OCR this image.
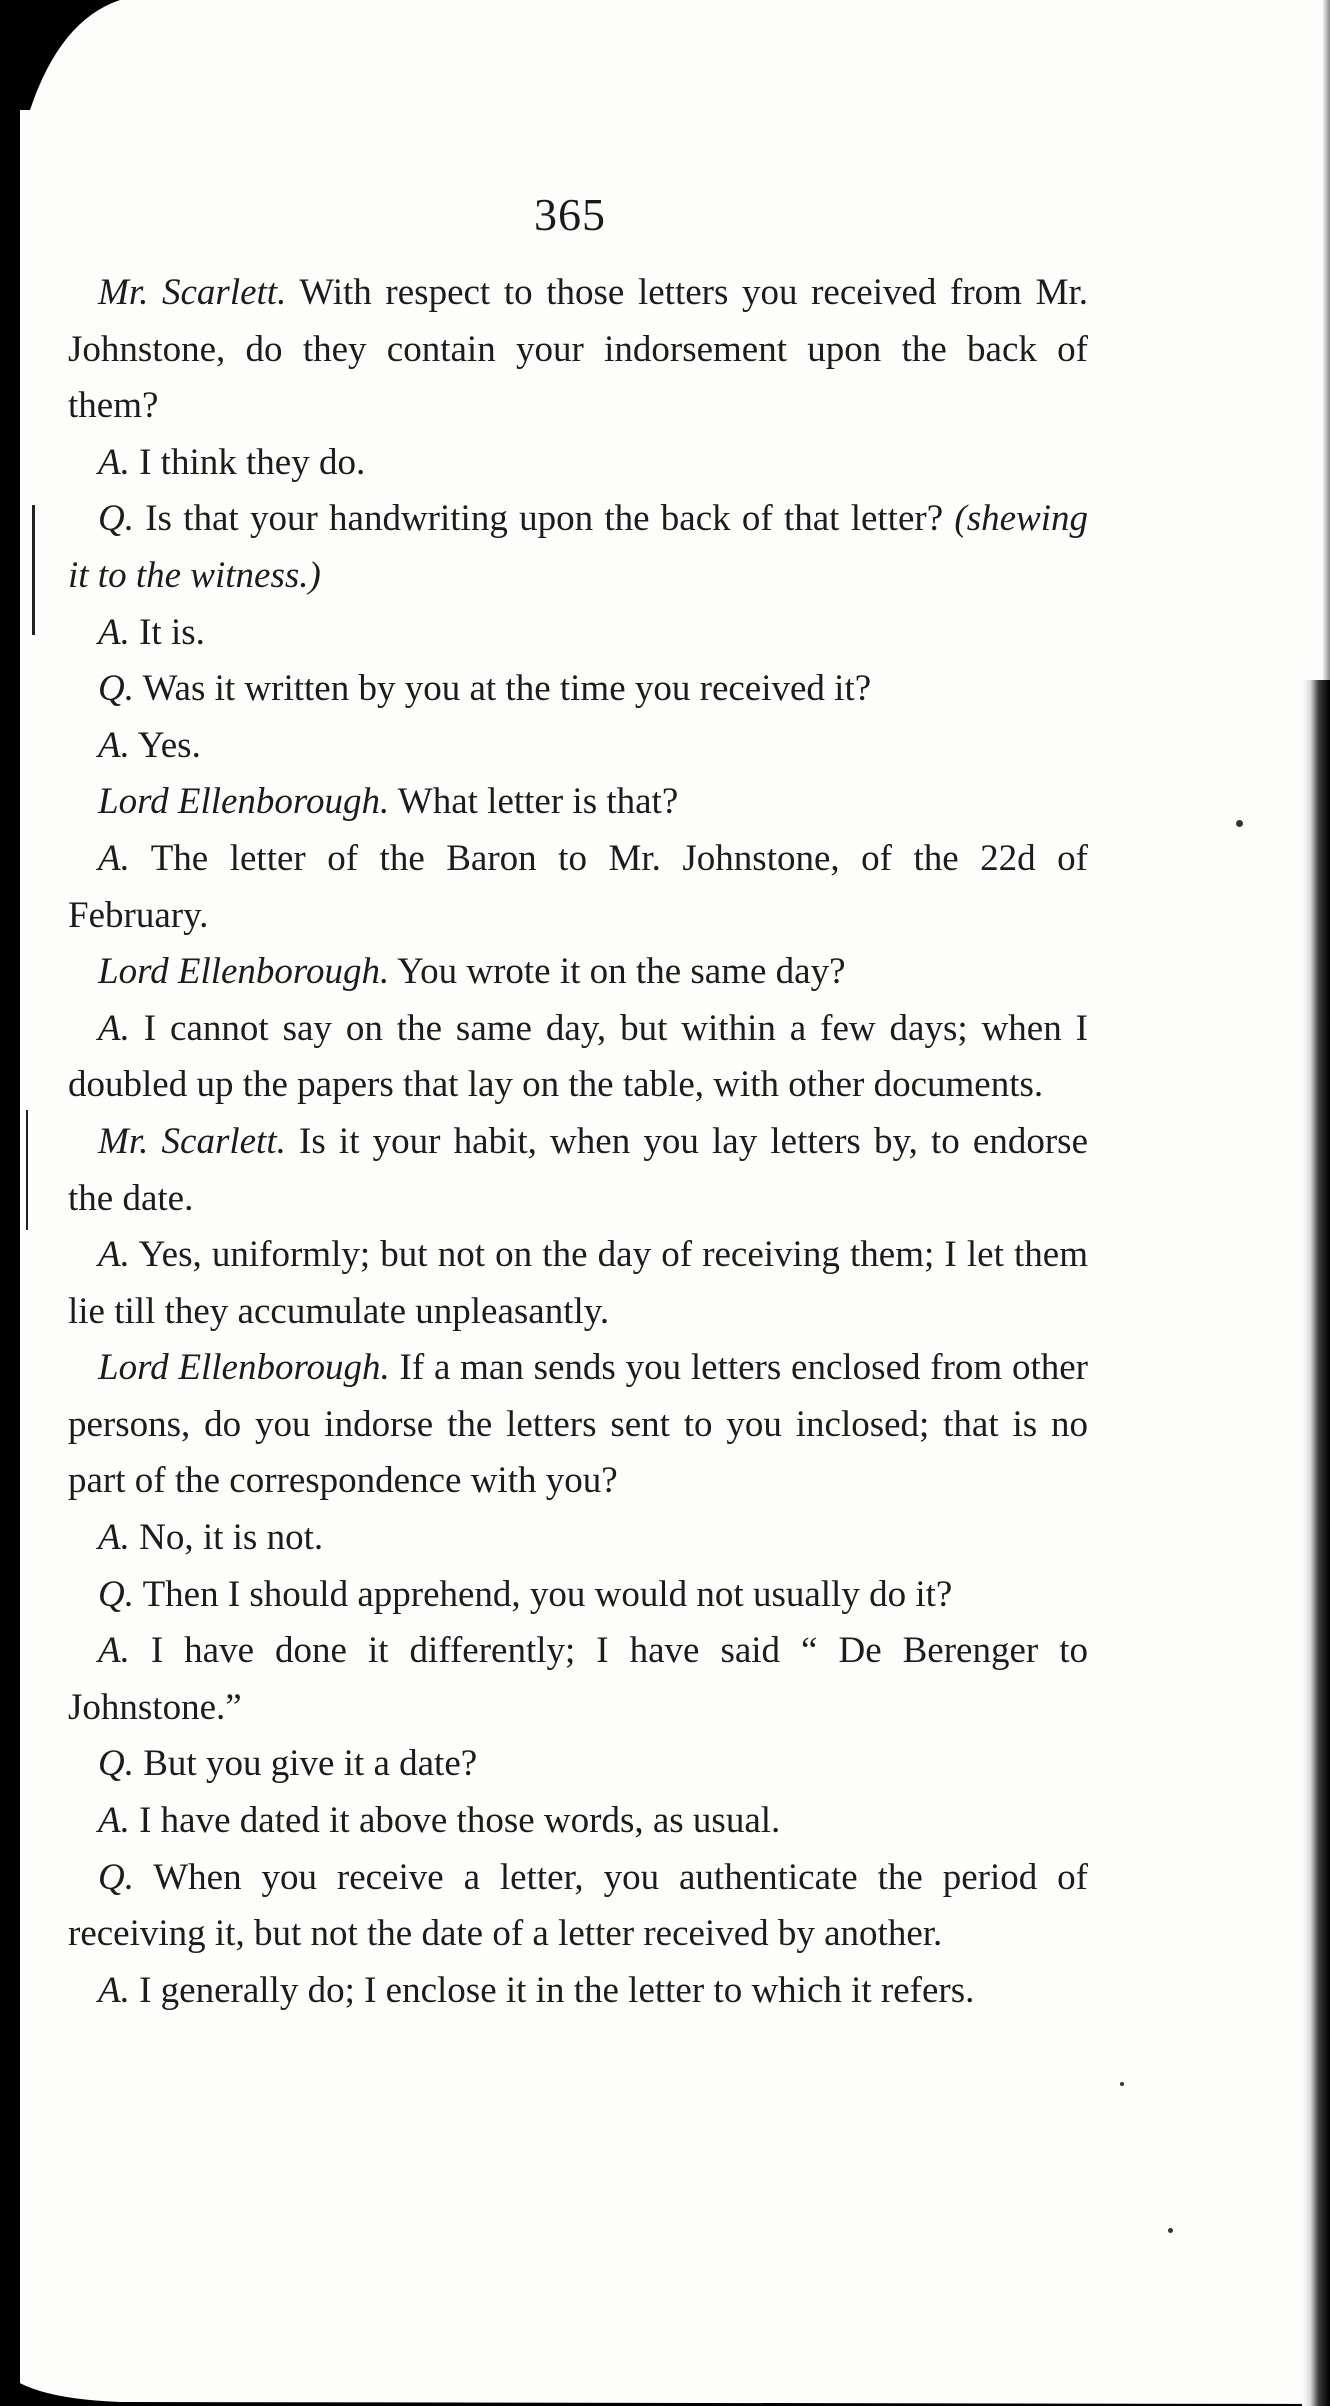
365

Mr. Scarlett. With respect to those letters you received from Mr. Johnstone, do they contain your indorsement upon the back of them?

A. I think they do.

Q. Is that your handwriting upon the back of that letter? (shewing it to the witness.)

A. It is.

Q. Was it written by you at the time you received it?

A. Yes.

Lord Ellenborough. What letter is that?

A. The letter of the Baron to Mr. Johnstone, of the 22d of February.

Lord Ellenborough. You wrote it on the same day?

A. I cannot say on the same day, but within a few days; when I doubled up the papers that lay on the table, with other documents.

Mr. Scarlett. Is it your habit, when you lay letters by, to endorse the date.

A. Yes, uniformly; but not on the day of receiving them; I let them lie till they accumulate unpleasantly.

Lord Ellenborough. If a man sends you letters enclosed from other persons, do you indorse the letters sent to you inclosed; that is no part of the correspondence with you?

A. No, it is not.

Q. Then I should apprehend, you would not usually do it?

A. I have done it differently; I have said “ De Berenger to Johnstone.”

Q. But you give it a date?

A. I have dated it above those words, as usual.

Q. When you receive a letter, you authenticate the period of receiving it, but not the date of a letter received by another.

A. I generally do; I enclose it in the letter to which it refers.
